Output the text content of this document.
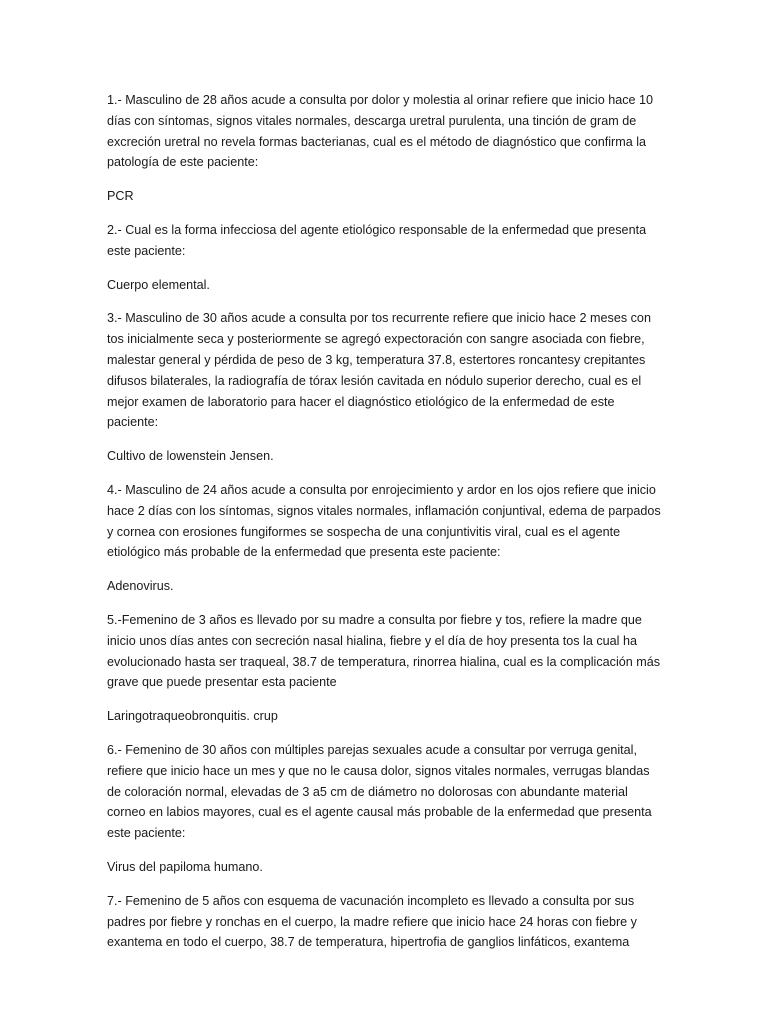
1.- Masculino de 28 años acude a consulta por dolor y molestia al orinar refiere que inicio hace 10 días con síntomas, signos vitales normales, descarga uretral purulenta, una tinción de gram de excreción uretral no revela formas bacterianas, cual es el método de diagnóstico que confirma la patología de este paciente:

PCR

2.- Cual es la forma infecciosa del agente etiológico responsable de la enfermedad que presenta este paciente:

Cuerpo elemental.

3.- Masculino de 30 años acude a consulta por tos recurrente refiere que inicio hace 2 meses con tos inicialmente seca y posteriormente se agregó expectoración con sangre asociada con fiebre, malestar general y pérdida de peso de 3 kg, temperatura 37.8, estertores roncantesy crepitantes difusos bilaterales, la radiografía de tórax lesión cavitada en nódulo superior derecho, cual es el mejor examen de laboratorio para hacer el diagnóstico etiológico de la enfermedad de este paciente:

Cultivo de lowenstein Jensen.

4.- Masculino de 24 años acude a consulta por enrojecimiento y ardor en los ojos refiere que inicio hace 2 días con los síntomas, signos vitales normales, inflamación conjuntival, edema de parpados y cornea con erosiones fungiformes se sospecha de una conjuntivitis viral, cual es el agente etiológico más probable de la enfermedad que presenta este paciente:

Adenovirus.

5.-Femenino de 3 años es llevado por su madre a consulta por fiebre y tos, refiere la madre que inicio unos días antes con secreción nasal hialina, fiebre y el día de hoy presenta tos la cual ha evolucionado hasta ser traqueal, 38.7 de temperatura, rinorrea hialina, cual es la complicación más grave que puede presentar esta paciente

Laringotraqueobronquitis. crup

6.- Femenino de 30 años con múltiples parejas sexuales acude a consultar por verruga genital, refiere que inicio hace un mes y que no le causa dolor, signos vitales normales, verrugas blandas de coloración normal, elevadas de 3 a5 cm de diámetro no dolorosas con abundante material corneo en labios mayores, cual es el agente causal más probable de la enfermedad que presenta este paciente:

Virus del papiloma humano.

7.- Femenino de 5 años con esquema de vacunación incompleto es llevado a consulta por sus padres por fiebre y ronchas en el cuerpo, la madre refiere que inicio hace 24 horas con fiebre y exantema en todo el cuerpo, 38.7 de temperatura, hipertrofia de ganglios linfáticos, exantema
